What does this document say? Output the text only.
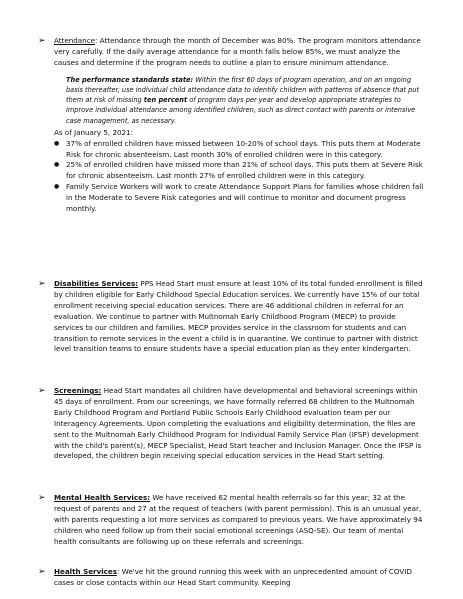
➢ Attendance: Attendance through the month of December was 80%. The program monitors attendance very carefully. If the daily average attendance for a month falls below 85%, we must analyze the causes and determine if the program needs to outline a plan to ensure minimum attendance.

The performance standards state: Within the first 60 days of program operation, and on an ongoing basis thereafter, use individual child attendance data to identify children with patterns of absence that put them at risk of missing ten percent of program days per year and develop appropriate strategies to improve individual attendance among identified children, such as direct contact with parents or intensive case management, as necessary.

As of January 5, 2021:

● 37% of enrolled children have missed between 10-20% of school days. This puts them at Moderate Risk for chronic absenteeism. Last month 30% of enrolled children were in this category.
● 25% of enrolled children have missed more than 21% of school days. This puts them at Severe Risk for chronic absenteeism. Last month 27% of enrolled children were in this category.
● Family Service Workers will work to create Attendance Support Plans for families whose children fall in the Moderate to Severe Risk categories and will continue to monitor and document progress monthly.
➢ Disabilities Services: PPS Head Start must ensure at least 10% of its total funded enrollment is filled by children eligible for Early Childhood Special Education services. We currently have 15% of our total enrollment receiving special education services. There are 46 additional children in referral for an evaluation. We continue to partner with Multnomah Early Childhood Program (MECP) to provide services to our children and families. MECP provides service in the classroom for students and can transition to remote services in the event a child is in quarantine. We continue to partner with district level transition teams to ensure students have a special education plan as they enter kindergarten.

➢ Screenings: Head Start mandates all children have developmental and behavioral screenings within 45 days of enrollment. From our screenings, we have formally referred 68 children to the Multnomah Early Childhood Program and Portland Public Schools Early Childhood evaluation team per our Interagency Agreements. Upon completing the evaluations and eligibility determination, the files are sent to the Multnomah Early Childhood Program for Individual Family Service Plan (IFSP) development with the child's parent(s), MECP Specialist, Head Start teacher and Inclusion Manager. Once the IFSP is developed, the children begin receiving special education services in the Head Start setting.

➢ Mental Health Services: We have received 62 mental health referrals so far this year; 32 at the request of parents and 27 at the request of teachers (with parent permission). This is an unusual year, with parents requesting a lot more services as compared to previous years. We have approximately 94 children who need follow up from their social emotional screenings (ASQ-SE). Our team of mental health consultants are following up on these referrals and screenings.

➢ Health Services: We've hit the ground running this week with an unprecedented amount of COVID cases or close contacts within our Head Start community. Keeping
